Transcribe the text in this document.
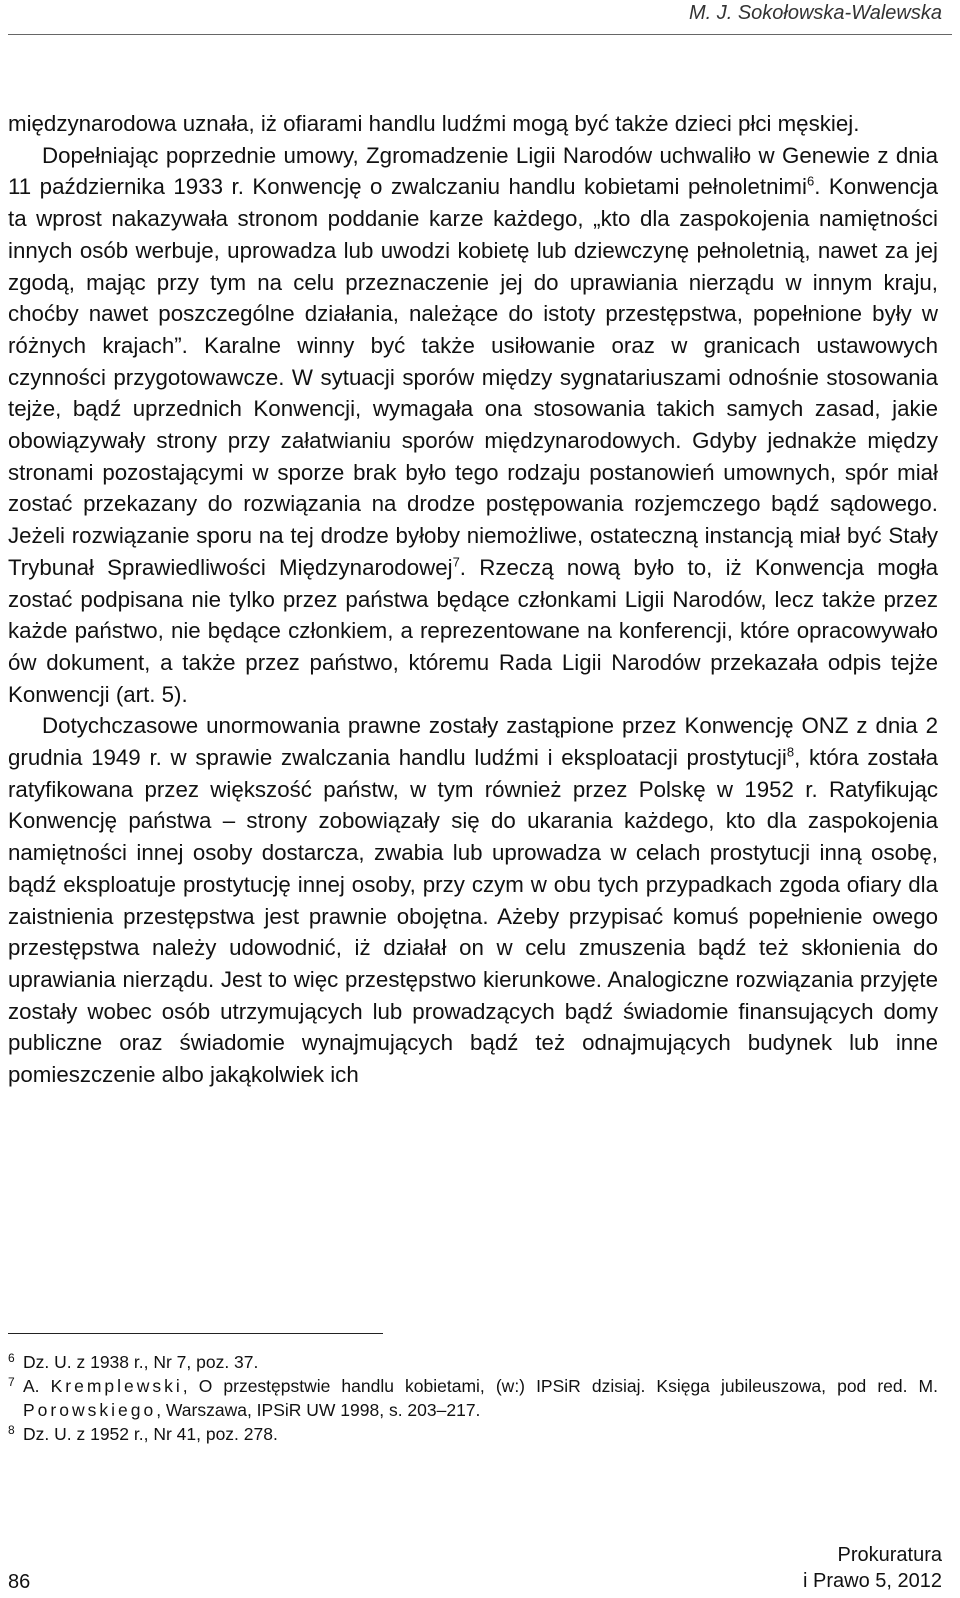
M. J. Sokołowska-Walewska

międzynarodowa uznała, iż ofiarami handlu ludźmi mogą być także dzieci płci męskiej.

Dopełniając poprzednie umowy, Zgromadzenie Ligii Narodów uchwaliło w Genewie z dnia 11 października 1933 r. Konwencję o zwalczaniu handlu kobietami pełnoletnimi$^6$. Konwencja ta wprost nakazywała stronom poddanie karze każdego, „kto dla zaspokojenia namiętności innych osób werbuje, uprowadza lub uwodzi kobietę lub dziewczynę pełnoletnią, nawet za jej zgodą, mając przy tym na celu przeznaczenie jej do uprawiania nierządu w innym kraju, choćby nawet poszczególne działania, należące do istoty przestępstwa, popełnione były w różnych krajach”. Karalne winny być także usiłowanie oraz w granicach ustawowych czynności przygotowawcze. W sytuacji sporów między sygnatariuszami odnośnie stosowania tejże, bądź uprzednich Konwencji, wymagała ona stosowania takich samych zasad, jakie obowiązywały strony przy załatwianiu sporów międzynarodowych. Gdyby jednakże między stronami pozostającymi w sporze brak było tego rodzaju postanowień umownych, spór miał zostać przekazany do rozwiązania na drodze postępowania rozjemczego bądź sądowego. Jeżeli rozwiązanie sporu na tej drodze byłoby niemożliwe, ostateczną instancją miał być Stały Trybunał Sprawiedliwości Międzynarodowej$^7$. Rzeczą nową było to, iż Konwencja mogła zostać podpisana nie tylko przez państwa będące członkami Ligii Narodów, lecz także przez każde państwo, nie będące członkiem, a reprezentowane na konferencji, które opracowywało ów dokument, a także przez państwo, któremu Rada Ligii Narodów przekazała odpis tejże Konwencji (art. 5).

Dotychczasowe unormowania prawne zostały zastąpione przez Konwencję ONZ z dnia 2 grudnia 1949 r. w sprawie zwalczania handlu ludźmi i eksploatacji prostytucji$^8$, która została ratyfikowana przez większość państw, w tym również przez Polskę w 1952 r. Ratyfikując Konwencję państwa – strony zobowiązały się do ukarania każdego, kto dla zaspokojenia namiętności innej osoby dostarcza, zwabia lub uprowadza w celach prostytucji inną osobę, bądź eksploatuje prostytucję innej osoby, przy czym w obu tych przypadkach zgoda ofiary dla zaistnienia przestępstwa jest prawnie obojętna. Ażeby przypisać komuś popełnienie owego przestępstwa należy udowodnić, iż działał on w celu zmuszenia bądź też skłonienia do uprawiania nierządu. Jest to więc przestępstwo kierunkowe. Analogiczne rozwiązania przyjęte zostały wobec osób utrzymujących lub prowadzących bądź świadomie finansujących domy publiczne oraz świadomie wynajmujących bądź też odnajmujących budynek lub inne pomieszczenie albo jakąkolwiek ich

6 Dz. U. z 1938 r., Nr 7, poz. 37.

7 A. Kremplewski, O przestępstwie handlu kobietami, (w:) IPSiR dzisiaj. Księga jubileuszowa, pod red. M. Porowskiego, Warszawa, IPSiR UW 1998, s. 203–217.

8 Dz. U. z 1952 r., Nr 41, poz. 278.

86
Prokuratura
i Prawo 5, 2012
